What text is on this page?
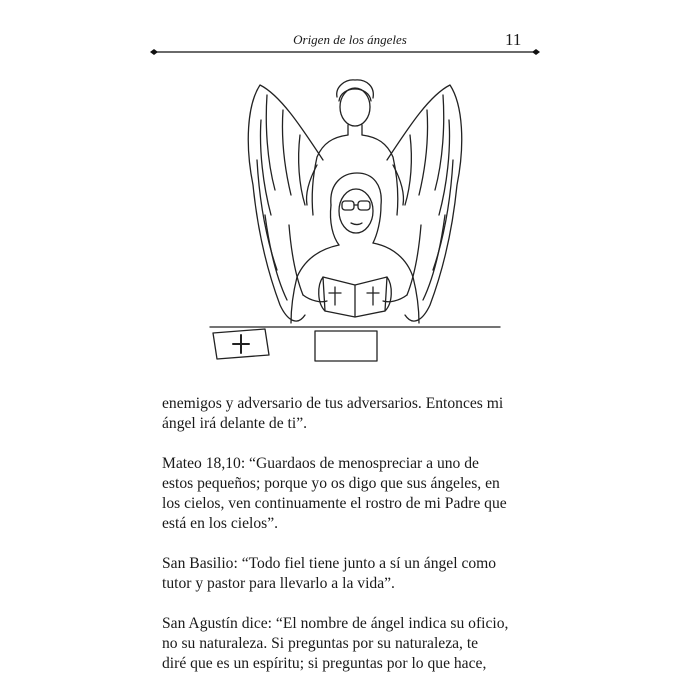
Origen de los ángeles	11

enemigos y adversario de tus adversarios. Entonces mi
ángel irá delante de ti”.

Mateo 18,10: “Guardaos de menospreciar a uno de
estos pequeños; porque yo os digo que sus ángeles, en
los cielos, ven continuamente el rostro de mi Padre que
está en los cielos”.

San Basilio: “Todo fiel tiene junto a sí un ángel como
tutor y pastor para llevarlo a la vida”.

San Agustín dice: “El nombre de ángel indica su oficio,
no su naturaleza. Si preguntas por su naturaleza, te
diré que es un espíritu; si preguntas por lo que hace,
